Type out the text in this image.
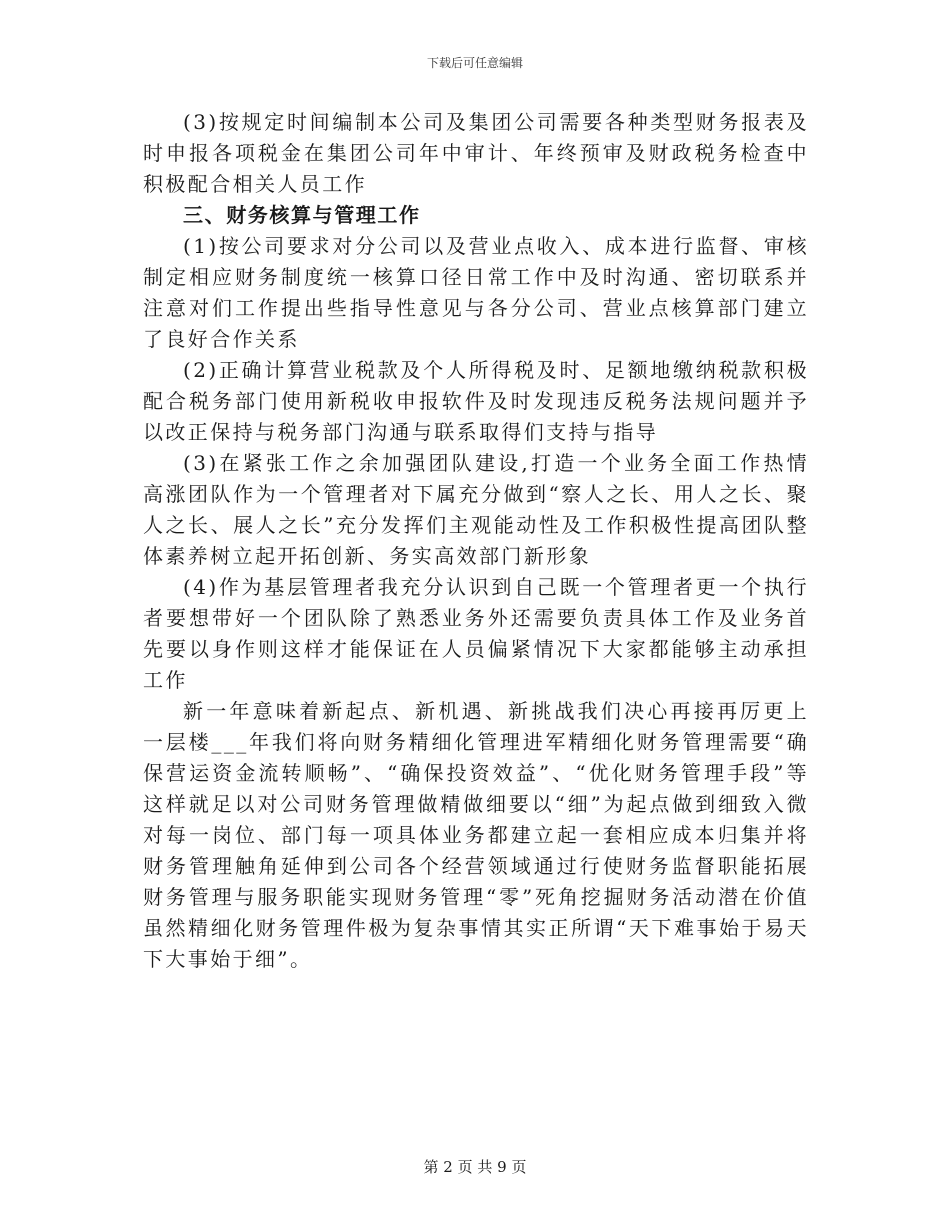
下载后可任意编辑

(3)按规定时间编制本公司及集团公司需要各种类型财务报表及时申报各项税金在集团公司年中审计、年终预审及财政税务检查中积极配合相关人员工作

三、财务核算与管理工作

(1)按公司要求对分公司以及营业点收入、成本进行监督、审核制定相应财务制度统一核算口径日常工作中及时沟通、密切联系并注意对们工作提出些指导性意见与各分公司、营业点核算部门建立了良好合作关系

(2)正确计算营业税款及个人所得税及时、足额地缴纳税款积极配合税务部门使用新税收申报软件及时发现违反税务法规问题并予以改正保持与税务部门沟通与联系取得们支持与指导

(3)在紧张工作之余加强团队建设,打造一个业务全面工作热情高涨团队作为一个管理者对下属充分做到“察人之长、用人之长、聚人之长、展人之长”充分发挥们主观能动性及工作积极性提高团队整体素养树立起开拓创新、务实高效部门新形象

(4)作为基层管理者我充分认识到自己既一个管理者更一个执行者要想带好一个团队除了熟悉业务外还需要负责具体工作及业务首先要以身作则这样才能保证在人员偏紧情况下大家都能够主动承担工作

新一年意味着新起点、新机遇、新挑战我们决心再接再厉更上一层楼___年我们将向财务精细化管理进军精细化财务管理需要“确保营运资金流转顺畅”、“确保投资效益”、“优化财务管理手段”等这样就足以对公司财务管理做精做细要以“细”为起点做到细致入微对每一岗位、部门每一项具体业务都建立起一套相应成本归集并将财务管理触角延伸到公司各个经营领域通过行使财务监督职能拓展财务管理与服务职能实现财务管理“零”死角挖掘财务活动潜在价值虽然精细化财务管理件极为复杂事情其实正所谓“天下难事始于易天下大事始于细”。

第 2 页 共 9 页
